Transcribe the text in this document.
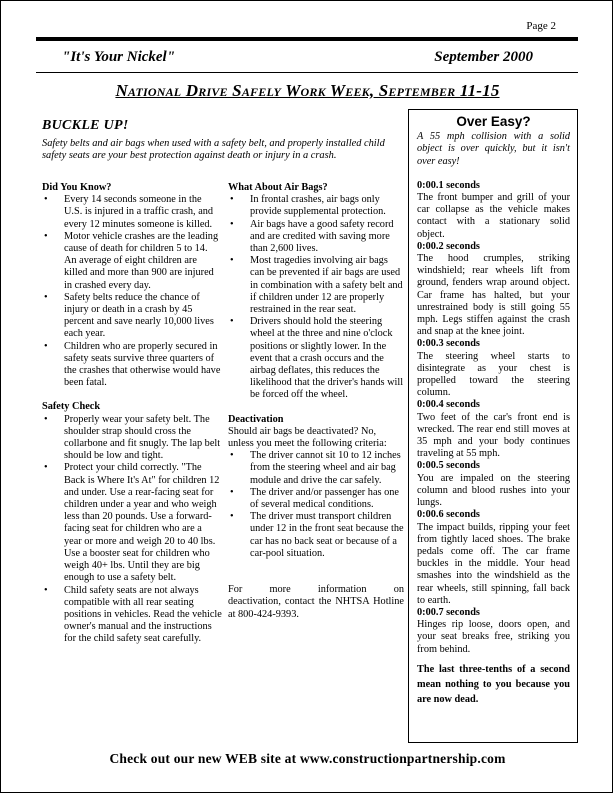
Page 2
"It's Your Nickel"	September 2000
National Drive Safely Work Week, September 11-15
BUCKLE UP!
Safety belts and air bags when used with a safety belt, and properly installed child safety seats are your best protection against death or injury in a crash.

Did You Know?

• Every 14 seconds someone in the U.S. is injured in a traffic crash, and every 12 minutes someone is killed.
• Motor vehicle crashes are the leading cause of death for children 5 to 14. An average of eight children are killed and more than 900 are injured in crashed every day.
• Safety belts reduce the chance of injury or death in a crash by 45 percent and save nearly 10,000 lives each year.
• Children who are properly secured in safety seats survive three quarters of the crashes that otherwise would have been fatal.

Safety Check

• Properly wear your safety belt. The shoulder strap should cross the collarbone and fit snugly. The lap belt should be low and tight.
• Protect your child correctly. "The Back is Where It's At" for children 12 and under. Use a rear-facing seat for children under a year and who weigh less than 20 pounds. Use a forward-facing seat for children who are a year or more and weigh 20 to 40 lbs. Use a booster seat for children who weigh 40+ lbs. Until they are big enough to use a safety belt.
• Child safety seats are not always compatible with all rear seating positions in vehicles. Read the vehicle owner's manual and the instructions for the child safety seat carefully.

What About Air Bags?

• In frontal crashes, air bags only provide supplemental protection.
• Air bags have a good safety record and are credited with saving more than 2,600 lives.
• Most tragedies involving air bags can be prevented if air bags are used in combination with a safety belt and if children under 12 are properly restrained in the rear seat.
• Drivers should hold the steering wheel at the three and nine o'clock positions or slightly lower. In the event that a crash occurs and the airbag deflates, this reduces the likelihood that the driver's hands will be forced off the wheel.

Deactivation

Should air bags be deactivated? No, unless you meet the following criteria:

• The driver cannot sit 10 to 12 inches from the steering wheel and air bag module and drive the car safely.
• The driver and/or passenger has one of several medical conditions.
• The driver must transport children under 12 in the front seat because the car has no back seat or because of a car-pool situation.

For more information on

deactivation, contact the NHTSA Hotline at 800-424-9393.

Over Easy?

A 55 mph collision with a solid object is over quickly, but it isn't over easy!

0:00.1 seconds

The front bumper and grill of your car collapse as the vehicle makes contact with a stationary solid object.

0:00.2 seconds

The hood crumples, striking windshield; rear wheels lift from ground, fenders wrap around object. Car frame has halted, but your unrestrained body is still going 55 mph. Legs stiffen against the crash and snap at the knee joint.

0:00.3 seconds

The steering wheel starts to disintegrate as your chest is propelled toward the steering column.

0:00.4 seconds

Two feet of the car's front end is wrecked. The rear end still moves at 35 mph and your body continues traveling at 55 mph.

0:00.5 seconds

You are impaled on the steering column and blood rushes into your lungs.

0:00.6 seconds

The impact builds, ripping your feet from tightly laced shoes. The brake pedals come off. The car frame buckles in the middle. Your head smashes into the windshield as the rear wheels, still spinning, fall back to earth.

0:00.7 seconds

Hinges rip loose, doors open, and your seat breaks free, striking you from behind.

The last three-tenths of a second mean nothing to you because you are now dead.

Check out our new WEB site at www.constructionpartnership.com
